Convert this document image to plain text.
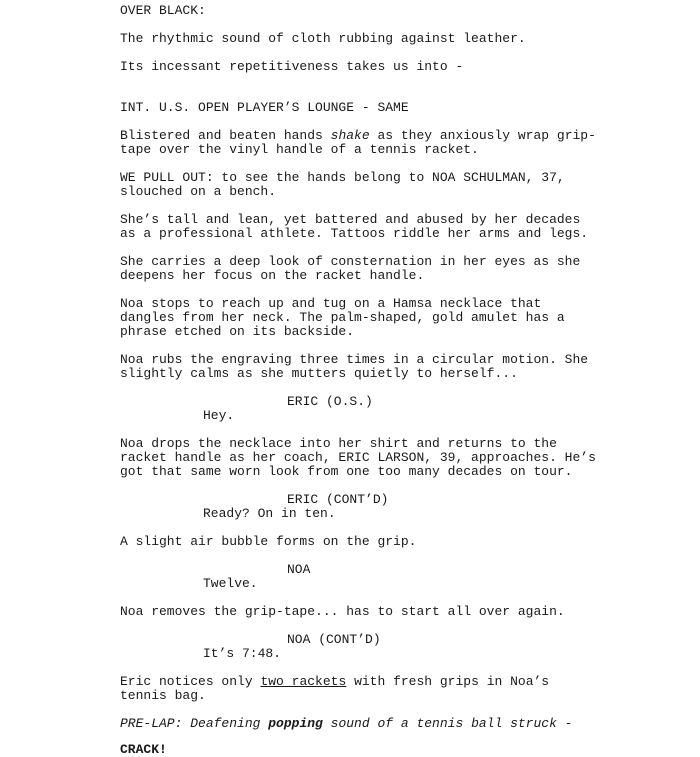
OVER BLACK:
The rhythmic sound of cloth rubbing against leather.
Its incessant repetitiveness takes us into -
INT. U.S. OPEN PLAYER’S LOUNGE - SAME
Blistered and beaten hands shake as they anxiously wrap grip-
tape over the vinyl handle of a tennis racket.
WE PULL OUT: to see the hands belong to NOA SCHULMAN, 37,
slouched on a bench.
She’s tall and lean, yet battered and abused by her decades
as a professional athlete. Tattoos riddle her arms and legs.
She carries a deep look of consternation in her eyes as she
deepens her focus on the racket handle.
Noa stops to reach up and tug on a Hamsa necklace that
dangles from her neck. The palm-shaped, gold amulet has a
phrase etched on its backside.
Noa rubs the engraving three times in a circular motion. She
slightly calms as she mutters quietly to herself...
ERIC (O.S.)
Hey.
Noa drops the necklace into her shirt and returns to the
racket handle as her coach, ERIC LARSON, 39, approaches. He’s
got that same worn look from one too many decades on tour.
ERIC (CONT’D)
Ready? On in ten.
A slight air bubble forms on the grip.
NOA
Twelve.
Noa removes the grip-tape... has to start all over again.
NOA (CONT’D)
It’s 7:48.
Eric notices only two rackets with fresh grips in Noa’s
tennis bag.
PRE-LAP: Deafening popping sound of a tennis ball struck -
CRACK!
